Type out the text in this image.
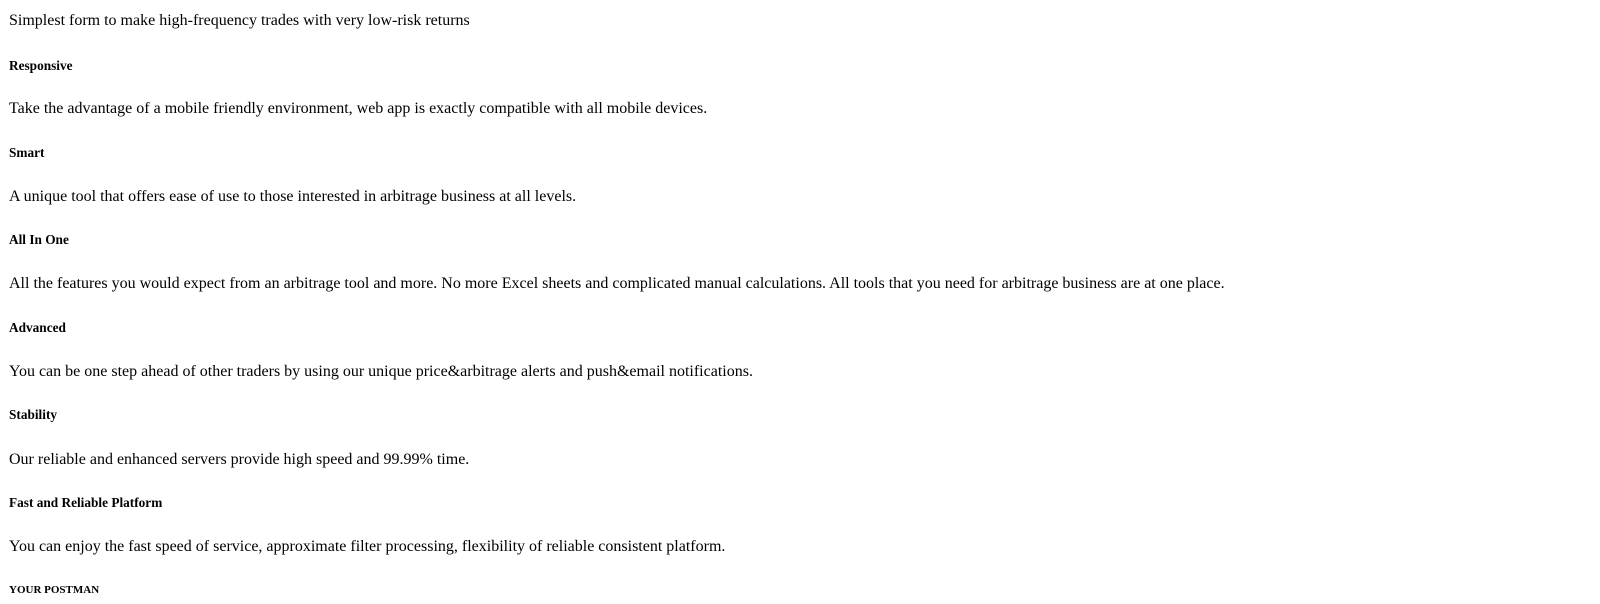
Simplest form to make high-frequency trades with very low-risk returns

Responsive

Take the advantage of a mobile friendly environment, web app is exactly compatible with all mobile devices.

Smart

A unique tool that offers ease of use to those interested in arbitrage business at all levels.

All In One

All the features you would expect from an arbitrage tool and more. No more Excel sheets and complicated manual calculations. All tools that you need for arbitrage business are at one place.

Advanced

You can be one step ahead of other traders by using our unique price&arbitrage alerts and push&email notifications.

Stability

Our reliable and enhanced servers provide high speed and 99.99% time.

Fast and Reliable Platform

You can enjoy the fast speed of service, approximate filter processing, flexibility of reliable consistent platform.

YOUR POSTMAN
